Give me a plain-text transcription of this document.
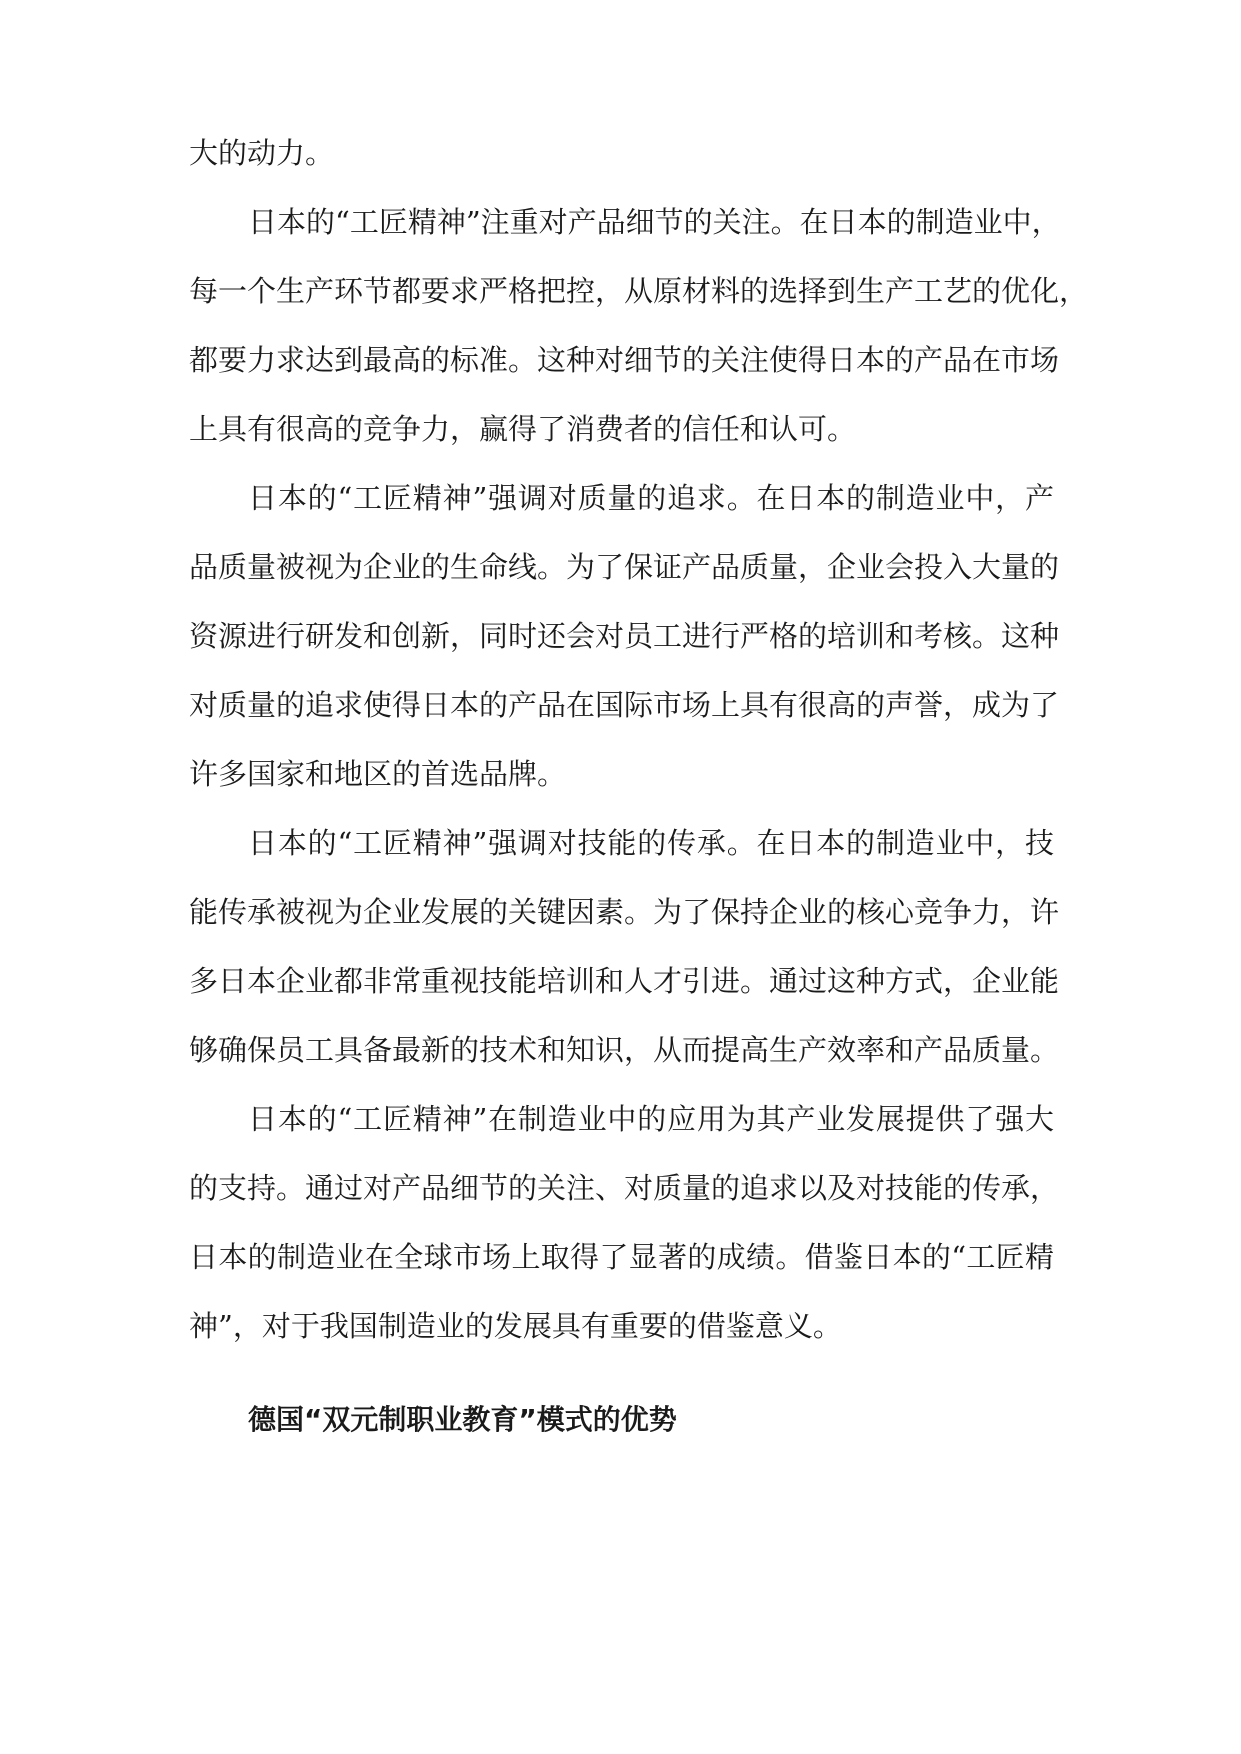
大的动力。
日本的“工匠精神”注重对产品细节的关注。在日本的制造业中，
每一个生产环节都要求严格把控，从原材料的选择到生产工艺的优化，
都要力求达到最高的标准。这种对细节的关注使得日本的产品在市场
上具有很高的竞争力，赢得了消费者的信任和认可。
日本的“工匠精神”强调对质量的追求。在日本的制造业中，产
品质量被视为企业的生命线。为了保证产品质量，企业会投入大量的
资源进行研发和创新，同时还会对员工进行严格的培训和考核。这种
对质量的追求使得日本的产品在国际市场上具有很高的声誉，成为了
许多国家和地区的首选品牌。
日本的“工匠精神”强调对技能的传承。在日本的制造业中，技
能传承被视为企业发展的关键因素。为了保持企业的核心竞争力，许
多日本企业都非常重视技能培训和人才引进。通过这种方式，企业能
够确保员工具备最新的技术和知识，从而提高生产效率和产品质量。
日本的“工匠精神”在制造业中的应用为其产业发展提供了强大
的支持。通过对产品细节的关注、对质量的追求以及对技能的传承，
日本的制造业在全球市场上取得了显著的成绩。借鉴日本的“工匠精
神”，对于我国制造业的发展具有重要的借鉴意义。
德国“双元制职业教育”模式的优势
